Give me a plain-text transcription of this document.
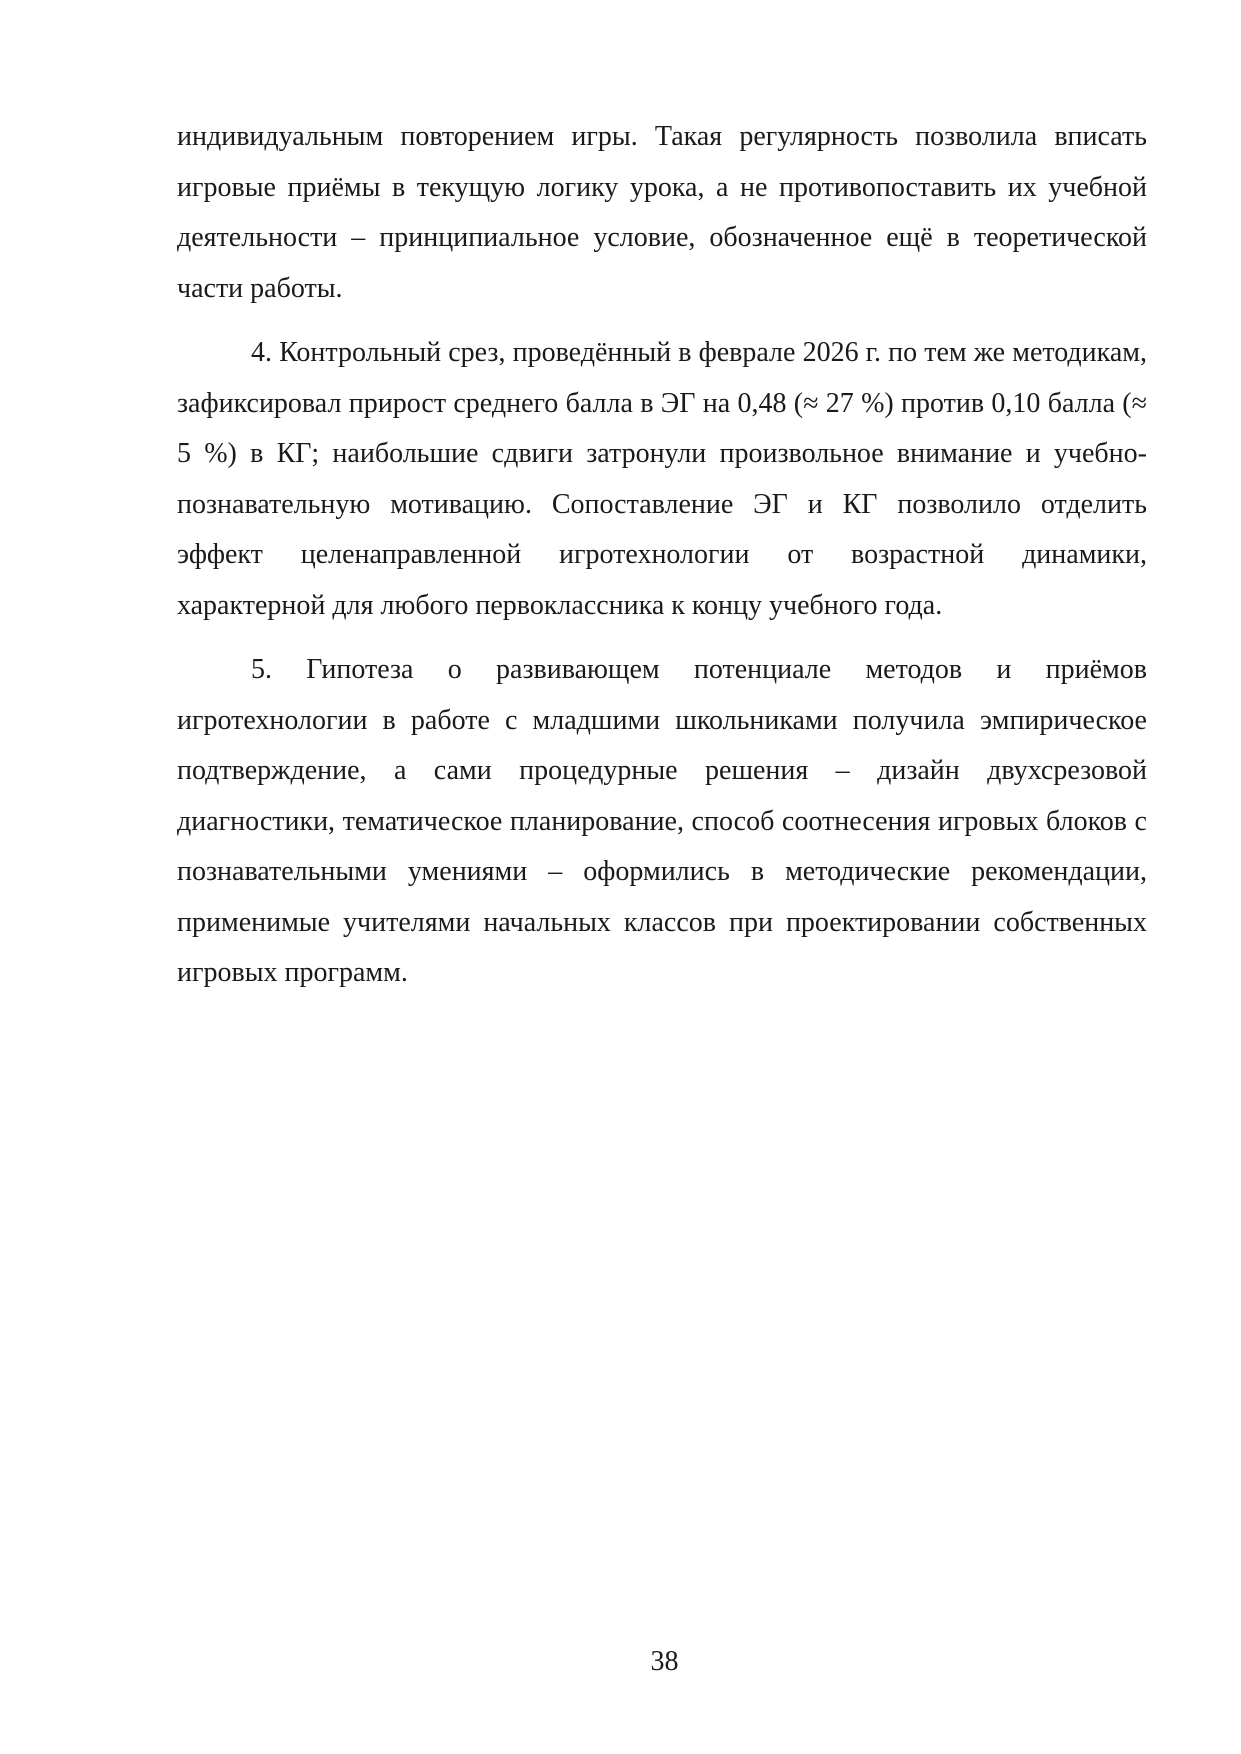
индивидуальным повторением игры. Такая регулярность позволила вписать игровые приёмы в текущую логику урока, а не противопоставить их учебной деятельности – принципиальное условие, обозначенное ещё в теоретической части работы.

4. Контрольный срез, проведённый в феврале 2026 г. по тем же методикам, зафиксировал прирост среднего балла в ЭГ на 0,48 (≈ 27 %) против 0,10 балла (≈ 5 %) в КГ; наибольшие сдвиги затронули произвольное внимание и учебно-познавательную мотивацию. Сопоставление ЭГ и КГ позволило отделить эффект целенаправленной игротехнологии от возрастной динамики, характерной для любого первоклассника к концу учебного года.

5. Гипотеза о развивающем потенциале методов и приёмов игротехнологии в работе с младшими школьниками получила эмпирическое подтверждение, а сами процедурные решения – дизайн двухсрезовой диагностики, тематическое планирование, способ соотнесения игровых блоков с познавательными умениями – оформились в методические рекомендации, применимые учителями начальных классов при проектировании собственных игровых программ.

38
